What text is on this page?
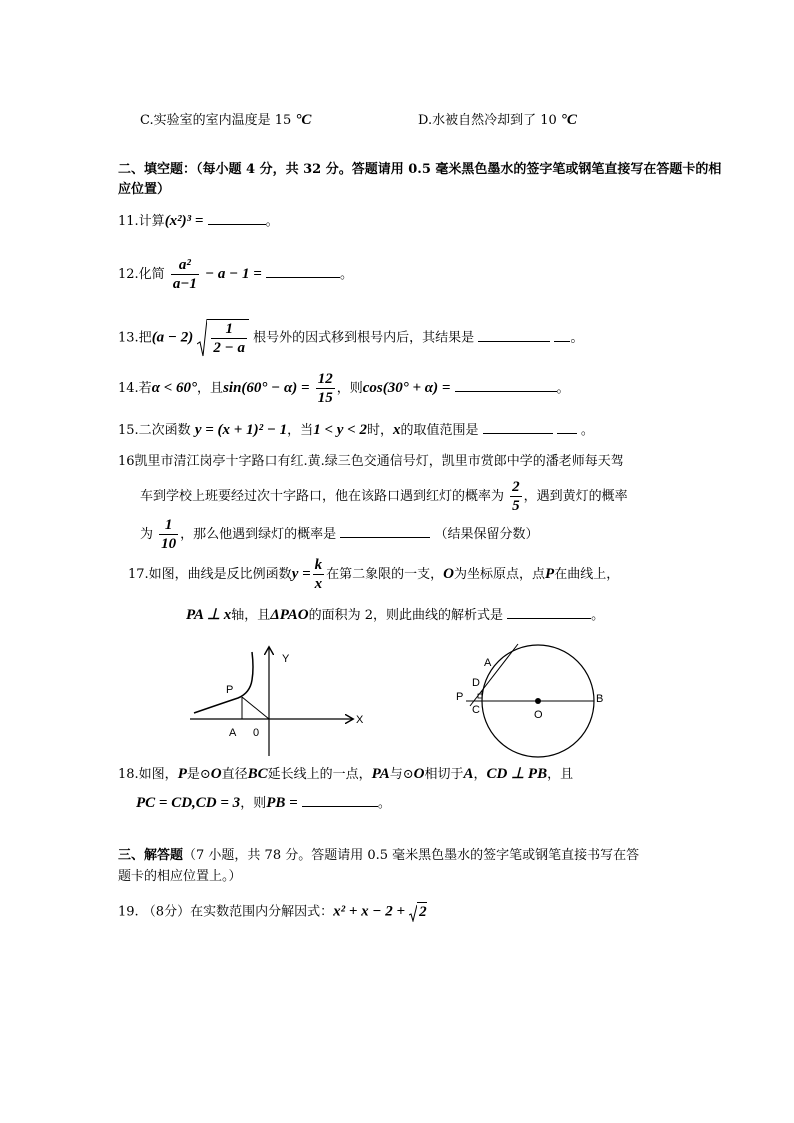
C.实验室的室内温度是 15 °C	D.水被自然冷却到了 10 °C
二、填空题：（每小题 4 分，共 32 分。答题请用 0.5 毫米黑色墨水的签字笔或钢笔直接写在答题卡的相
应位置）
11.计算(x²)³ =	。
12.化简 $\frac{\text{a²}}{a-1} - a - 1$ =	。
13.把$(a - 2) \frac{1}{2 - a}$ 根号外的因式移到根号内后，其结果是	。
14.若α < 60°，且$\sin(60^\circ - \alpha) = \frac{12}{15}$ ，则cos(30° + α) =	。
15.二次函数 y = (x + 1)² − 1，当1 < y < 2时，x的取值范围是	。
16凯里市清江岗亭十字路口有红.黄.绿三色交通信号灯，凯里市赏郎中学的潘老师每天驾
车到学校上班要经过次十字路口，他在该路口遇到红灯的概率为 $\frac{2}{5}$ ，遇到黄灯的概率
为 $\frac{1}{10}$ ，那么他遇到绿灯的概率是	（结果保留分数）
17.如图，曲线是反比例函数$y = \frac{k}{x}$ 在第二象限的一支，O为坐标原点，点P在曲线上，
PA ⊥ x轴，且ΔPAO的面积为 2，则此曲线的解析式是	。
Y
X
P
A 0
A
D
P
C	O
B
18.如图，P是⊙O直径BC延长线上的一点，PA与⊙O相切于A，CD ⊥ PB，且
PC = CD,CD = 3，则PB =	。
三、解答题（7 小题，共 78 分。答题请用 0.5 毫米黑色墨水的签字笔或钢笔直接书写在答
题卡的相应位置上。）
19. （8分）在实数范围内分解因式：x² + x − 2 + 2
